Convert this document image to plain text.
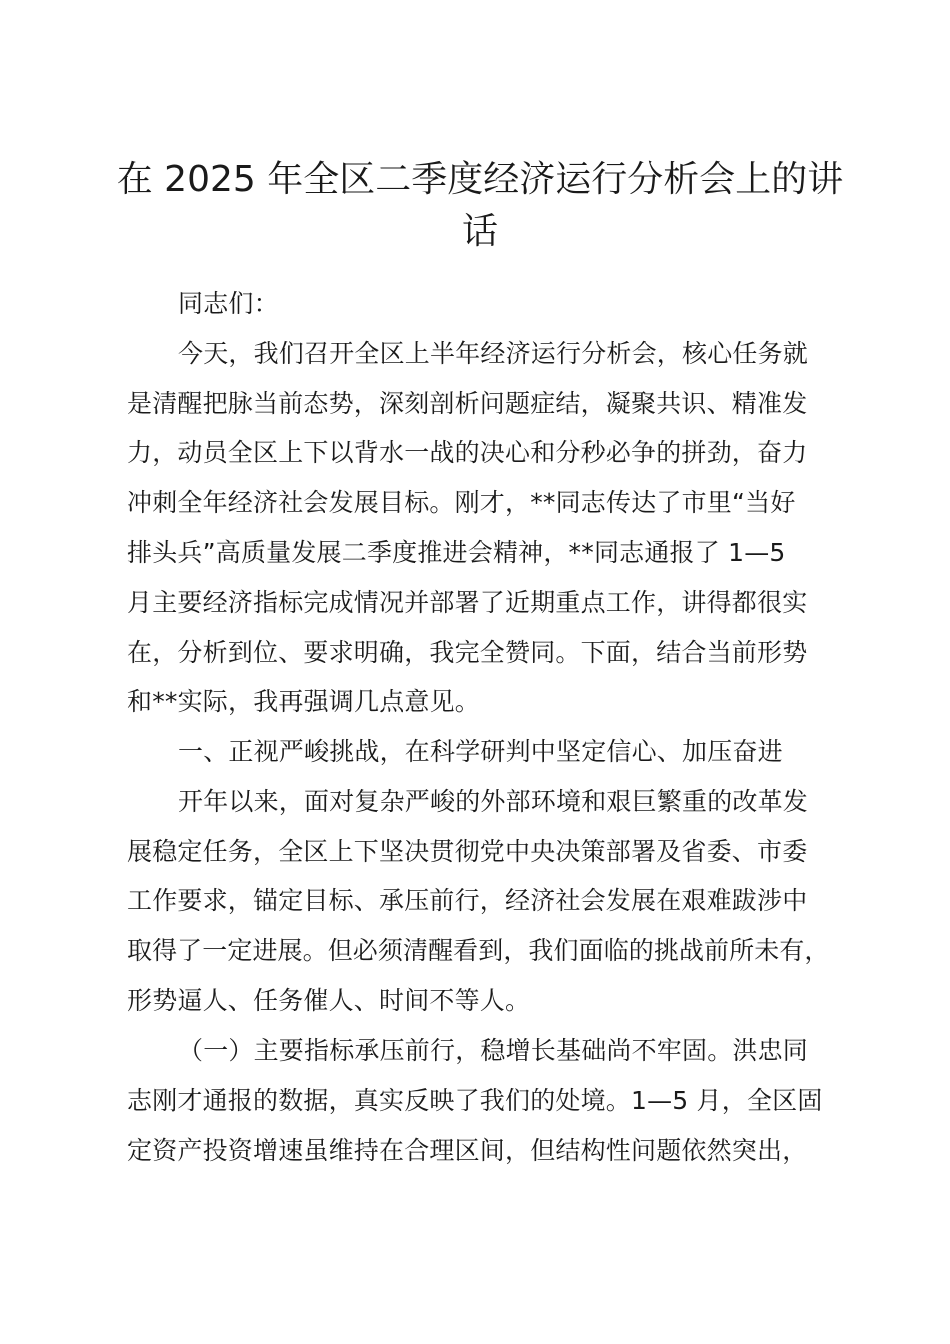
在 2025 年全区二季度经济运行分析会上的讲
话

同志们：

今天，我们召开全区上半年经济运行分析会，核心任务就

是清醒把脉当前态势，深刻剖析问题症结，凝聚共识、精准发

力，动员全区上下以背水一战的决心和分秒必争的拼劲，奋力

冲刺全年经济社会发展目标。刚才，**同志传达了市里“当好

排头兵”高质量发展二季度推进会精神，**同志通报了 1—5

月主要经济指标完成情况并部署了近期重点工作，讲得都很实

在，分析到位、要求明确，我完全赞同。下面，结合当前形势

和**实际，我再强调几点意见。

一、正视严峻挑战，在科学研判中坚定信心、加压奋进

开年以来，面对复杂严峻的外部环境和艰巨繁重的改革发

展稳定任务，全区上下坚决贯彻党中央决策部署及省委、市委

工作要求，锚定目标、承压前行，经济社会发展在艰难跋涉中

取得了一定进展。但必须清醒看到，我们面临的挑战前所未有，

形势逼人、任务催人、时间不等人。

（一）主要指标承压前行，稳增长基础尚不牢固。洪忠同

志刚才通报的数据，真实反映了我们的处境。1—5 月，全区固

定资产投资增速虽维持在合理区间，但结构性问题依然突出，
